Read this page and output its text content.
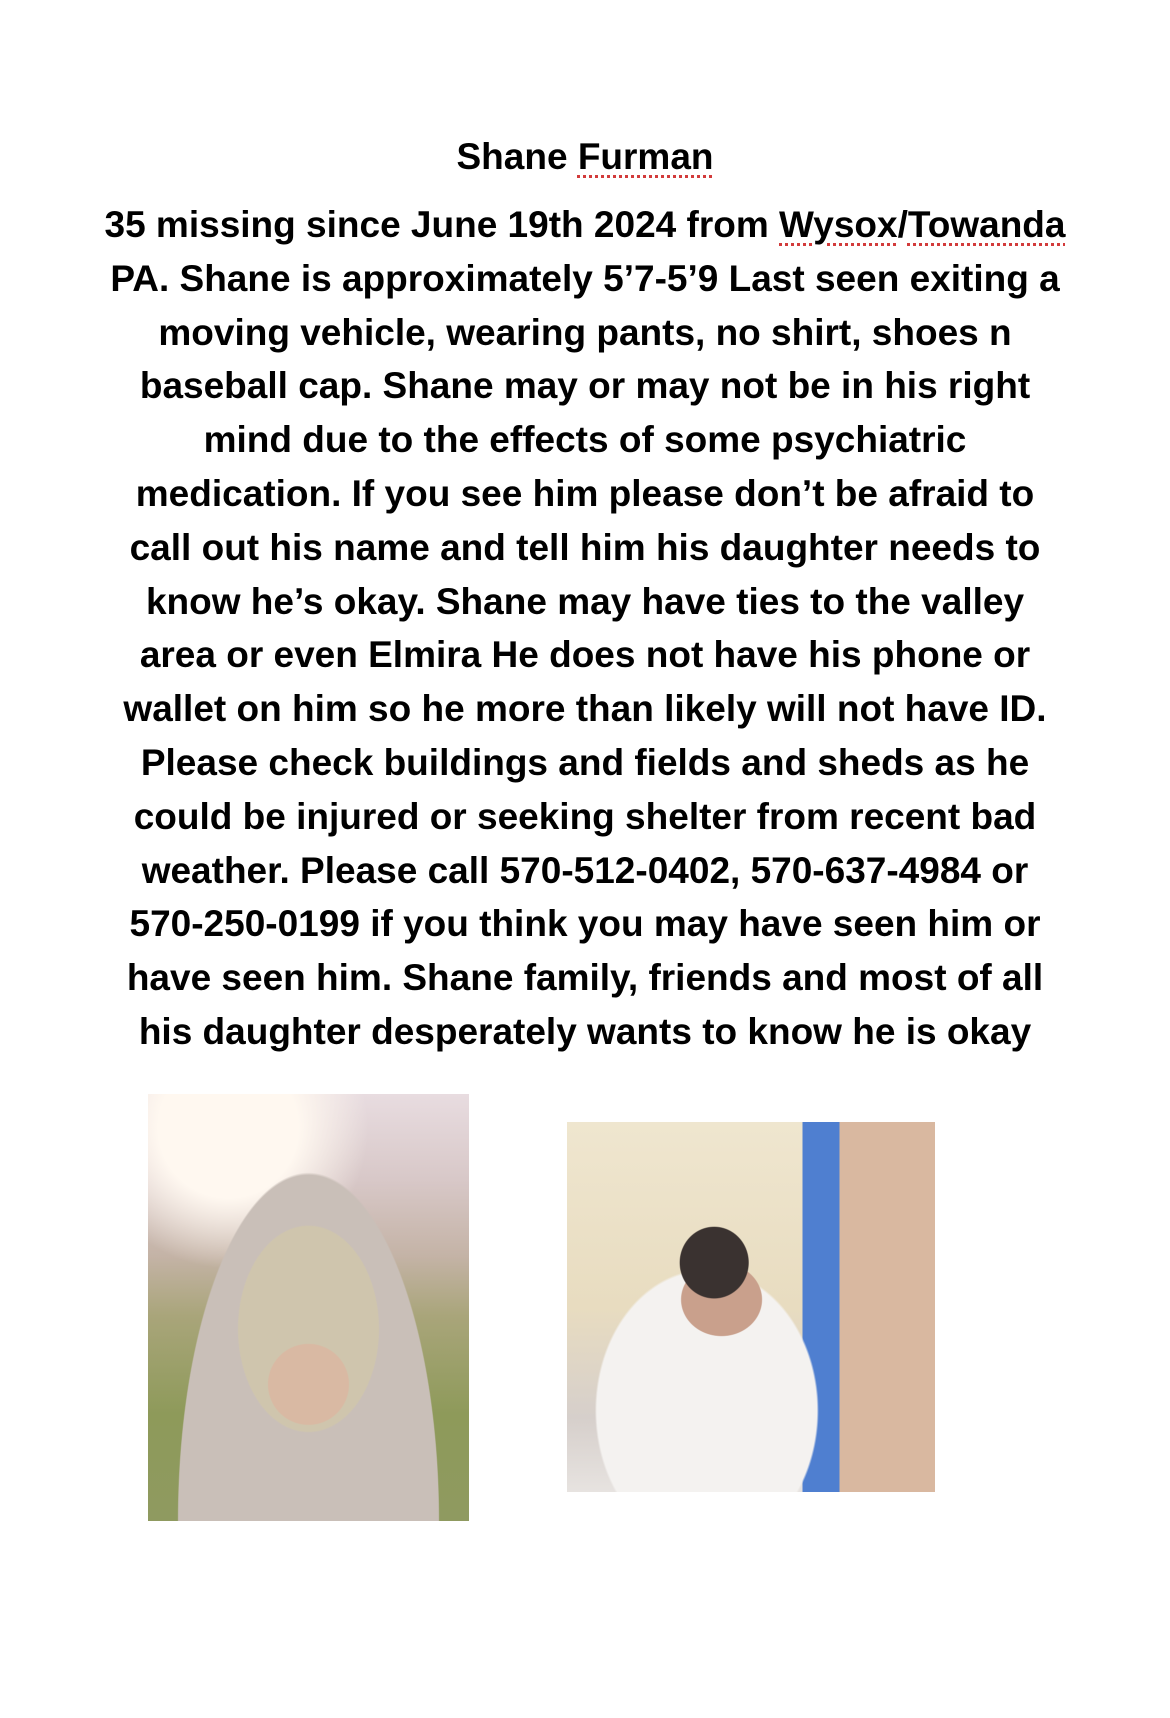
Shane Furman
35 missing since June 19th 2024 from Wysox/Towanda
PA. Shane is approximately 5’7-5’9 Last seen exiting a
moving vehicle, wearing pants, no shirt, shoes n
baseball cap. Shane may or may not be in his right
mind due to the effects of some psychiatric
medication. If you see him please don’t be afraid to
call out his name and tell him his daughter needs to
know he’s okay. Shane may have ties to the valley
area or even Elmira He does not have his phone or
wallet on him so he more than likely will not have ID.
Please check buildings and fields and sheds as he
could be injured or seeking shelter from recent bad
weather. Please call 570-512-0402, 570-637-4984 or
570-250-0199 if you think you may have seen him or
have seen him. Shane family, friends and most of all
his daughter desperately wants to know he is okay
